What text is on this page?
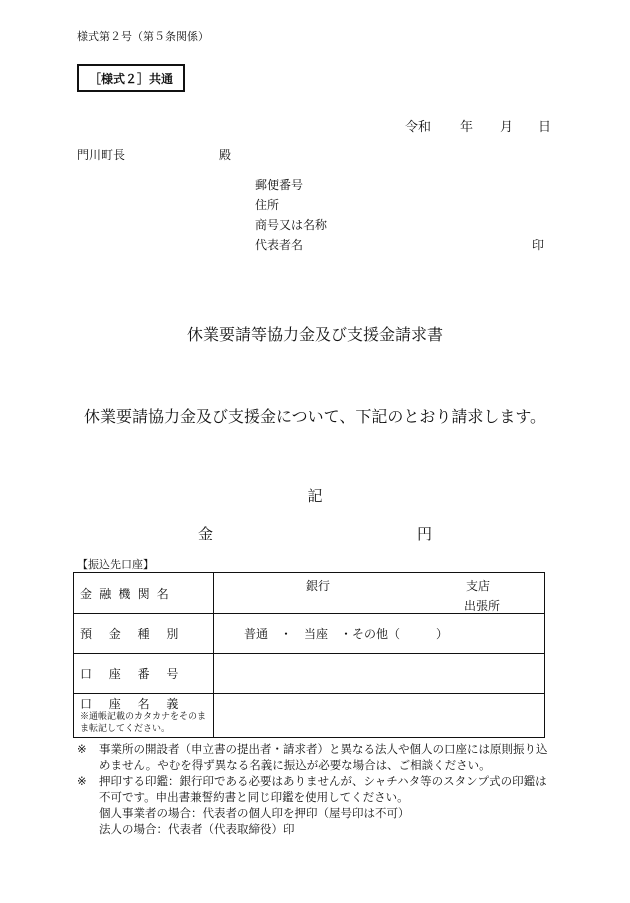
様式第２号（第５条関係）
［様式２］共通
令和 年 月 日
門川町長	殿
郵便番号
住所
商号又は名称
代表者名	印
休業要請等協力金及び支援金請求書
休業要請協力金及び支援金について、下記のとおり請求します。
記
金	円
【振込先口座】
金融機関名	銀行 支店
出張所

預金種別	普通　・　当座　・その他（　　　）
口座番号	

口座名義
※通帳記載のカタカナをそのまま転記してください。	

※	事業所の開設者（申立書の提出者・請求者）と異なる法人や個人の口座には原則振り込
めません。やむを得ず異なる名義に振込が必要な場合は、ご相談ください。
※	押印する印鑑：銀行印である必要はありませんが、シャチハタ等のスタンプ式の印鑑は
不可です。申出書兼誓約書と同じ印鑑を使用してください。
個人事業者の場合：代表者の個人印を押印（屋号印は不可）
法人の場合：代表者（代表取締役）印
